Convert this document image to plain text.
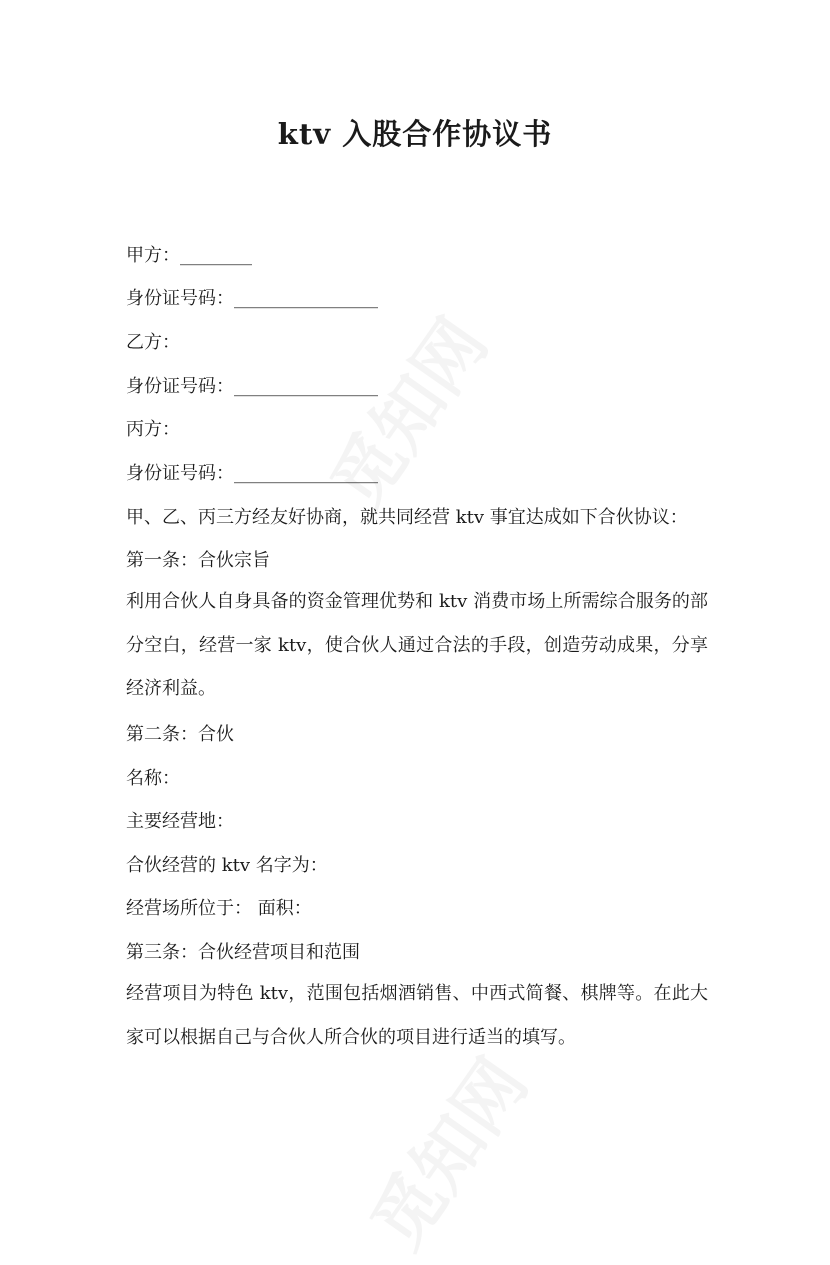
ktv 入股合作协议书

甲方：________

身份证号码：________________

乙方：

身份证号码：________________

丙方：

身份证号码：________________

甲、乙、丙三方经友好协商，就共同经营 ktv 事宜达成如下合伙协议：

第一条：合伙宗旨

利用合伙人自身具备的资金管理优势和 ktv 消费市场上所需综合服务的部分空白，经营一家 ktv，使合伙人通过合法的手段，创造劳动成果，分享经济利益。

第二条：合伙

名称：

主要经营地：

合伙经营的 ktv 名字为：

经营场所位于： 面积：

第三条：合伙经营项目和范围

经营项目为特色 ktv，范围包括烟酒销售、中西式简餐、棋牌等。在此大家可以根据自己与合伙人所合伙的项目进行适当的填写。
